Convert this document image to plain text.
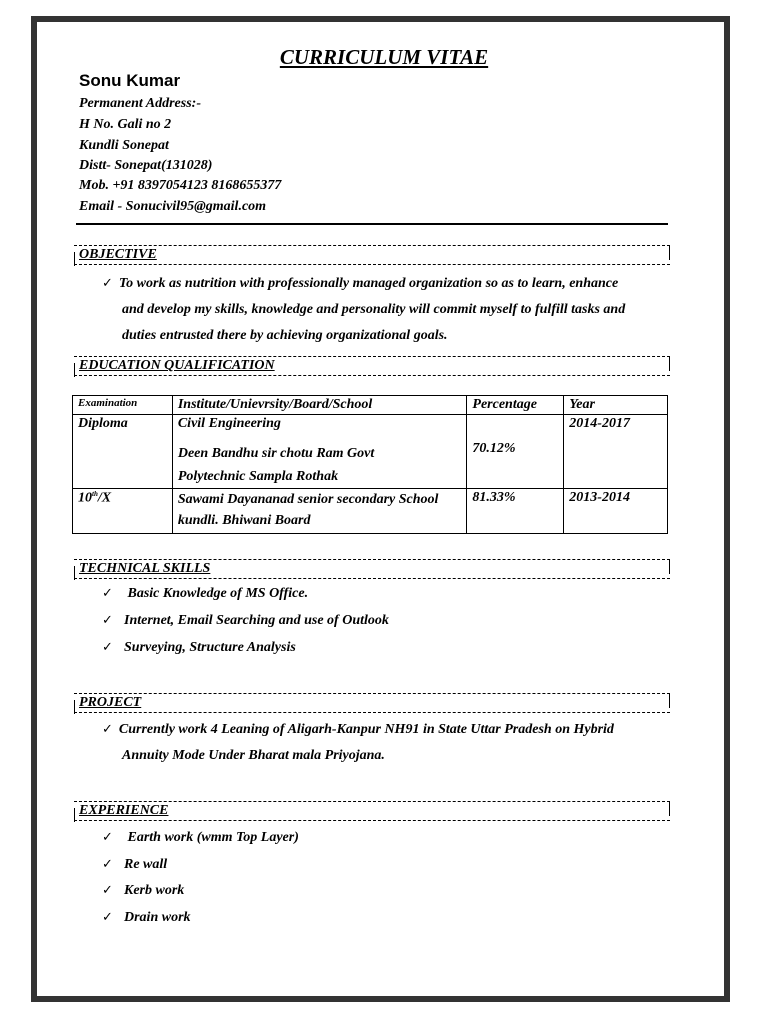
CURRICULUM VITAE
Sonu Kumar
Permanent Address:-
H No. Gali no 2
Kundli Sonepat
Distt- Sonepat(131028)
Mob. +91 8397054123 8168655377
Email - Sonucivil95@gmail.com
OBJECTIVE
✓ To work as nutrition with professionally managed organization so as to learn, enhance
and develop my skills, knowledge and personality will commit myself to fulfill tasks and
duties entrusted there by achieving organizational goals.
EDUCATION QUALIFICATION
Examination	Institute/Unievrsity/Board/School	Percentage	Year
Diploma	Civil Engineering
Deen Bandhu sir chotu Ram Govt
Polytechnic Sampla Rothak	70.12%	2014-2017
10th/X	Sawami Dayananad senior secondary School
kundli. Bhiwani Board	81.33%	2013-2014
TECHNICAL SKILLS
✓ Basic Knowledge of MS Office.
✓ Internet, Email Searching and use of Outlook
✓ Surveying, Structure Analysis
PROJECT
✓ Currently work 4 Leaning of Aligarh-Kanpur NH91 in State Uttar Pradesh on Hybrid
Annuity Mode Under Bharat mala Priyojana.
EXPERIENCE
✓ Earth work (wmm Top Layer)
✓ Re wall
✓ Kerb work
✓ Drain work
